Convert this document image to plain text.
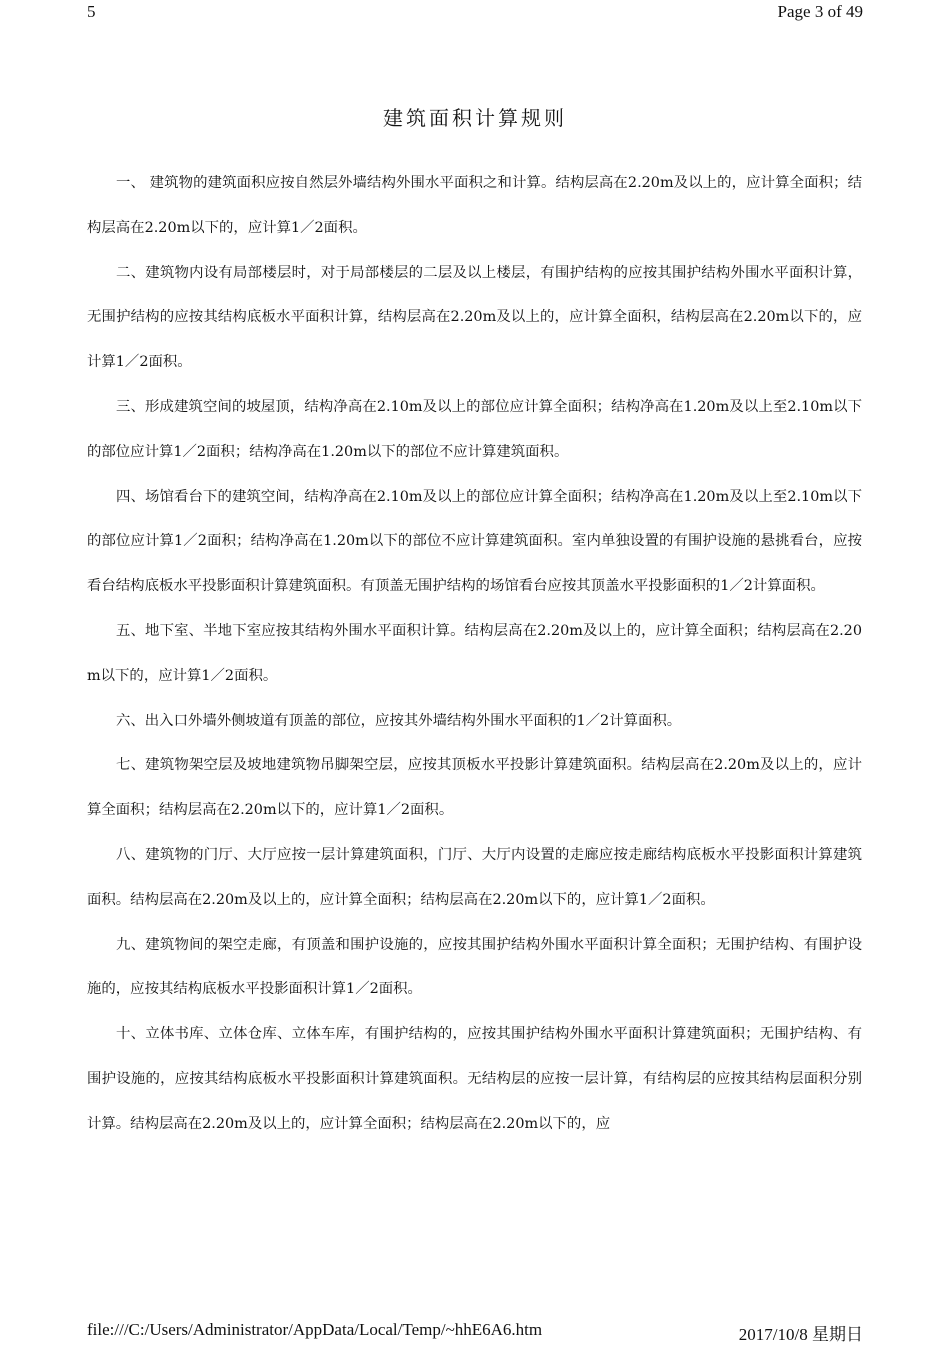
5	Page 3 of 49
建筑面积计算规则

一、 建筑物的建筑面积应按自然层外墙结构外围水平面积之和计算。结构层高在2.20m及以上的，应计算全面积；结构层高在2.20m以下的，应计算1／2面积。

二、建筑物内设有局部楼层时，对于局部楼层的二层及以上楼层，有围护结构的应按其围护结构外围水平面积计算，无围护结构的应按其结构底板水平面积计算，结构层高在2.20m及以上的，应计算全面积，结构层高在2.20m以下的，应计算1／2面积。

三、形成建筑空间的坡屋顶，结构净高在2.10m及以上的部位应计算全面积；结构净高在1.20m及以上至2.10m以下的部位应计算1／2面积；结构净高在1.20m以下的部位不应计算建筑面积。

四、场馆看台下的建筑空间，结构净高在2.10m及以上的部位应计算全面积；结构净高在1.20m及以上至2.10m以下的部位应计算1／2面积；结构净高在1.20m以下的部位不应计算建筑面积。室内单独设置的有围护设施的悬挑看台，应按看台结构底板水平投影面积计算建筑面积。有顶盖无围护结构的场馆看台应按其顶盖水平投影面积的1／2计算面积。

五、地下室、半地下室应按其结构外围水平面积计算。结构层高在2.20m及以上的，应计算全面积；结构层高在2.20m以下的，应计算1／2面积。

六、出入口外墙外侧坡道有顶盖的部位，应按其外墙结构外围水平面积的1／2计算面积。

七、建筑物架空层及坡地建筑物吊脚架空层，应按其顶板水平投影计算建筑面积。结构层高在2.20m及以上的，应计算全面积；结构层高在2.20m以下的，应计算1／2面积。

八、建筑物的门厅、大厅应按一层计算建筑面积，门厅、大厅内设置的走廊应按走廊结构底板水平投影面积计算建筑面积。结构层高在2.20m及以上的，应计算全面积；结构层高在2.20m以下的，应计算1／2面积。

九、建筑物间的架空走廊，有顶盖和围护设施的，应按其围护结构外围水平面积计算全面积；无围护结构、有围护设施的，应按其结构底板水平投影面积计算1／2面积。

十、立体书库、立体仓库、立体车库，有围护结构的，应按其围护结构外围水平面积计算建筑面积；无围护结构、有围护设施的，应按其结构底板水平投影面积计算建筑面积。无结构层的应按一层计算，有结构层的应按其结构层面积分别计算。结构层高在2.20m及以上的，应计算全面积；结构层高在2.20m以下的，应

file:///C:/Users/Administrator/AppData/Local/Temp/~hhE6A6.htm	2017/10/8 星期日
